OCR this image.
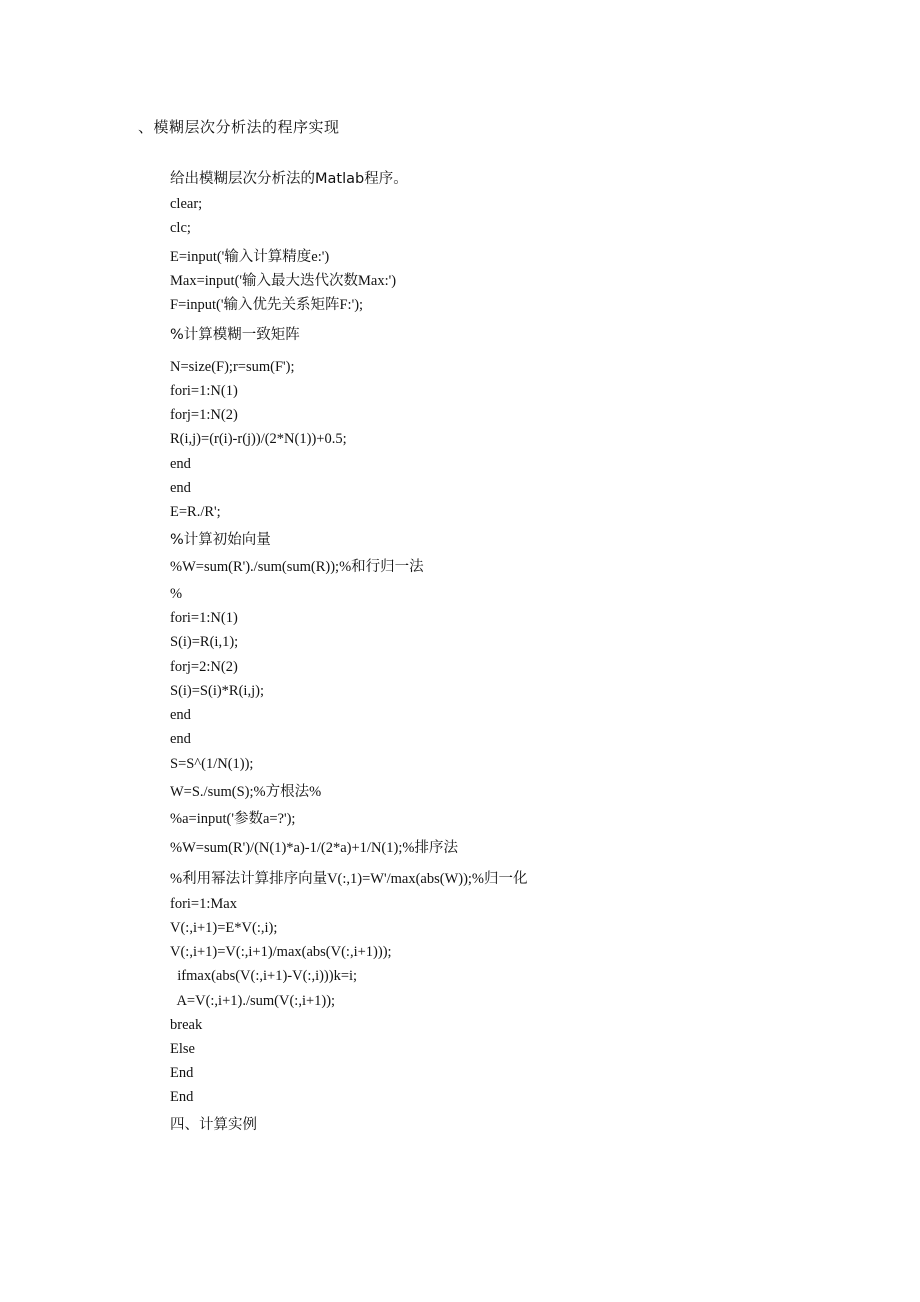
、模糊层次分析法的程序实现
给出模糊层次分析法的Matlab程序。
clear;
clc;
E=input('输入计算精度e:')
Max=input('输入最大迭代次数Max:')
F=input('输入优先关系矩阵F:');
%计算模糊一致矩阵
N=size(F);r=sum(F');
fori=1:N(1)
forj=1:N(2)
R(i,j)=(r(i)-r(j))/(2*N(1))+0.5;
end
end
E=R./R';
%计算初始向量
%W=sum(R')./sum(sum(R));%和行归一法
%
fori=1:N(1)
S(i)=R(i,1);
forj=2:N(2)
S(i)=S(i)*R(i,j);
end
end
S=S^(1/N(1));
W=S./sum(S);%方根法%
%a=input('参数a=?');
%W=sum(R')/(N(1)*a)-1/(2*a)+1/N(1);%排序法
%利用幂法计算排序向量V(:,1)=W'/max(abs(W));%归一化
fori=1:Max
V(:,i+1)=E*V(:,i);
V(:,i+1)=V(:,i+1)/max(abs(V(:,i+1)));
ifmax(abs(V(:,i+1)-V(:,i)))k=i;
A=V(:,i+1)./sum(V(:,i+1));
break
Else
End
End
四、计算实例
